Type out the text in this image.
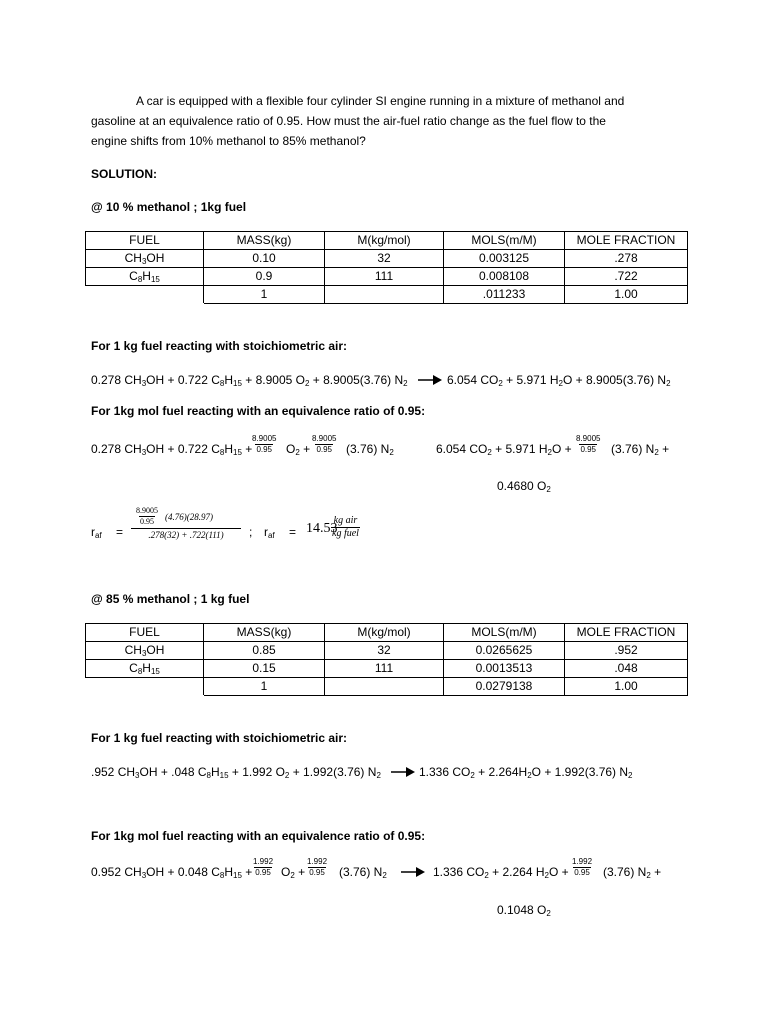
A car is equipped with a flexible four cylinder SI engine running in a mixture of methanol and
gasoline at an equivalence ratio of 0.95. How must the air-fuel ratio change as the fuel flow to the
engine shifts from 10% methanol to 85% methanol?
SOLUTION:
@ 10 % methanol ; 1kg fuel
FUEL	MASS(kg)	M(kg/mol)	MOLS(m/M)	MOLE FRACTION
$CH_3OH$	0.10	32	0.003125	.278
$C_8H_{15}$	0.9	111	0.008108	.722
	1		.011233	1.00
For 1 kg fuel reacting with stoichiometric air:
0.278 $CH_3OH + 0.722$ $C_8H_{15} + 8.9005$ $O_2 + 8.9005(3.76) N_2 \to 6.054$ $CO_2 + 5.971$ $H_2O + 8.9005(3.76)$ $N_2$
For 1kg mol fuel reacting with an equivalence ratio of 0.95:
0.278 $CH_3OH + 0.722$ $C_8H_{15}$ +
$\frac{8.9005}{0.95} O_2 + \frac{8.9005}{0.95} (3.76)$ $N_2$	6.054 $CO_2 + 5.971$ $H_2O + \frac{8.9005}{0.95} (3.76) N_2$ +
0.4680 $O_2$
$r_{af}$ =
$\frac{8.9005}{0.95} (4.76)(28.97)$
.278(32) + .722(111)	; $r_{af} = 14.53$
kg air
kg fuel
@ 85 % methanol ; 1 kg fuel
FUEL	MASS(kg)	M(kg/mol)	MOLS(m/M)	MOLE FRACTION
$CH_3OH$	0.85	32	0.0265625	.952
$C_8H_{15}$	0.15	111	0.0013513	.048
	1		0.0279138	1.00
For 1 kg fuel reacting with stoichiometric air:
.952 $CH_3OH + .048$ $C_8H_{15} + 1.992$ $O_2 + 1.992(3.76) N_2 \to 1.336$ $CO_2 + 2.264H_2O + 1.992(3.76)$ $N_2$
For 1kg mol fuel reacting with an equivalence ratio of 0.95:
0.952 $CH_3OH + 0.048$ $C_8H_{15} + \frac{1.992}{0.95} O_2 + \frac{1.992}{0.95} (3.76) N_2 \to 1.336$ $CO_2 + 2.264$ $H_2O + \frac{1.992}{0.95} (3.76) N_2$ +
0.1048 $O_2$
